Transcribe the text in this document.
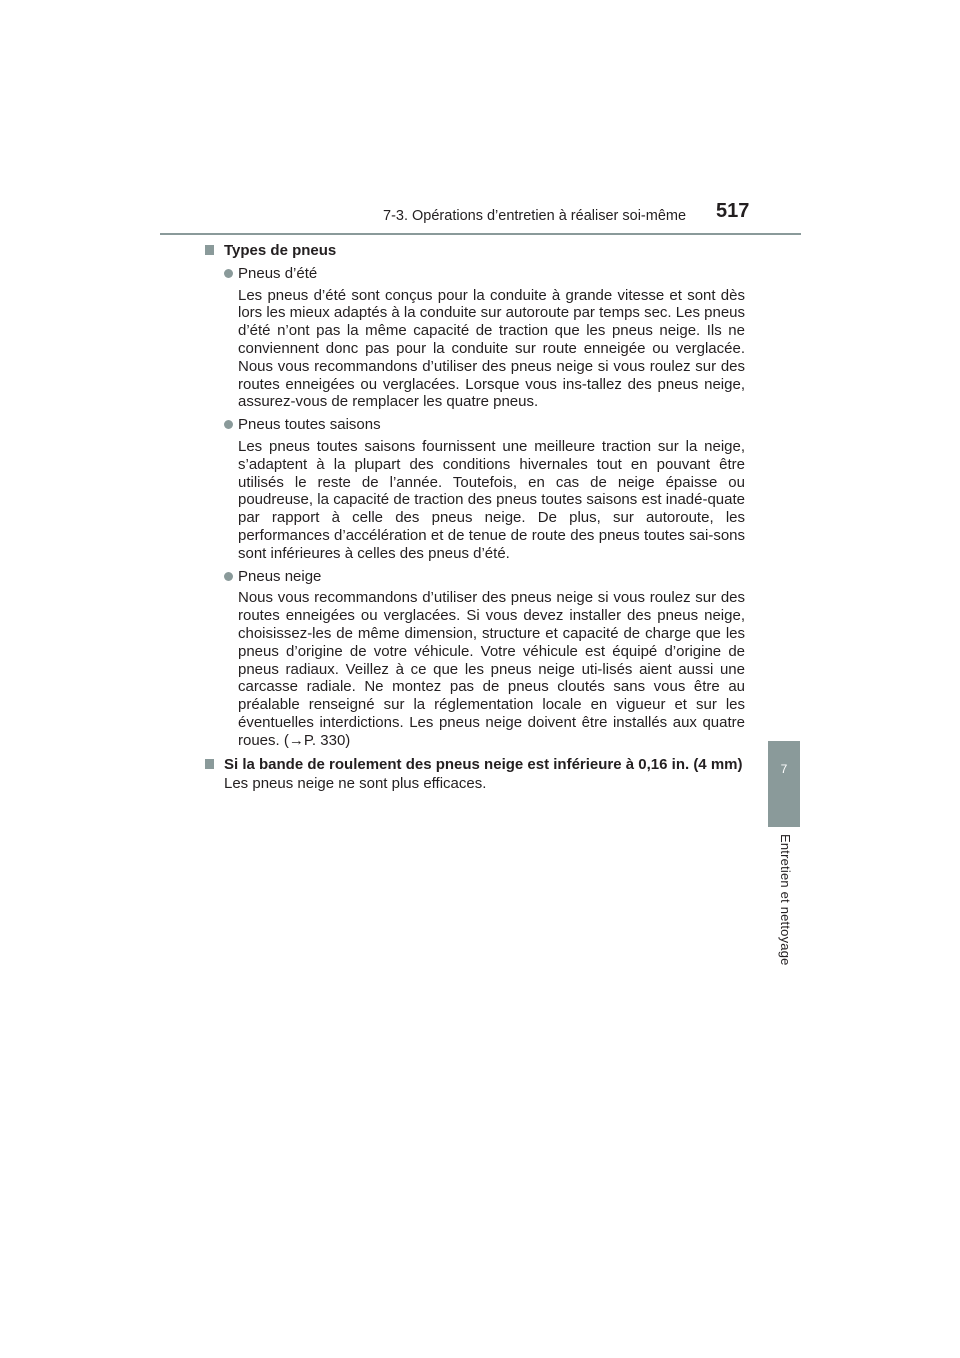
7-3. Opérations d’entretien à réaliser soi-même 517
7
Entretien et nettoyage
Types de pneus
Pneus d’été
Les pneus d’été sont conçus pour la conduite à grande vitesse et sont dès lors les mieux adaptés à la conduite sur autoroute par temps sec. Les pneus d’été n’ont pas la même capacité de traction que les pneus neige. Ils ne conviennent donc pas pour la conduite sur route enneigée ou verglacée. Nous vous recommandons d’utiliser des pneus neige si vous roulez sur des routes enneigées ou verglacées. Lorsque vous ins-tallez des pneus neige, assurez-vous de remplacer les quatre pneus.
Pneus toutes saisons
Les pneus toutes saisons fournissent une meilleure traction sur la neige, s’adaptent à la plupart des conditions hivernales tout en pouvant être utilisés le reste de l’année. Toutefois, en cas de neige épaisse ou poudreuse, la capacité de traction des pneus toutes saisons est inadé-quate par rapport à celle des pneus neige. De plus, sur autoroute, les performances d’accélération et de tenue de route des pneus toutes sai-sons sont inférieures à celles des pneus d’été.
Pneus neige
Nous vous recommandons d’utiliser des pneus neige si vous roulez sur des routes enneigées ou verglacées. Si vous devez installer des pneus neige, choisissez-les de même dimension, structure et capacité de charge que les pneus d’origine de votre véhicule. Votre véhicule est équipé d’origine de pneus radiaux. Veillez à ce que les pneus neige uti-lisés aient aussi une carcasse radiale. Ne montez pas de pneus cloutés sans vous être au préalable renseigné sur la réglementation locale en vigueur et sur les éventuelles interdictions. Les pneus neige doivent être installés aux quatre roues. (→P. 330)
Si la bande de roulement des pneus neige est inférieure à 0,16 in. (4 mm)
Les pneus neige ne sont plus efficaces.
